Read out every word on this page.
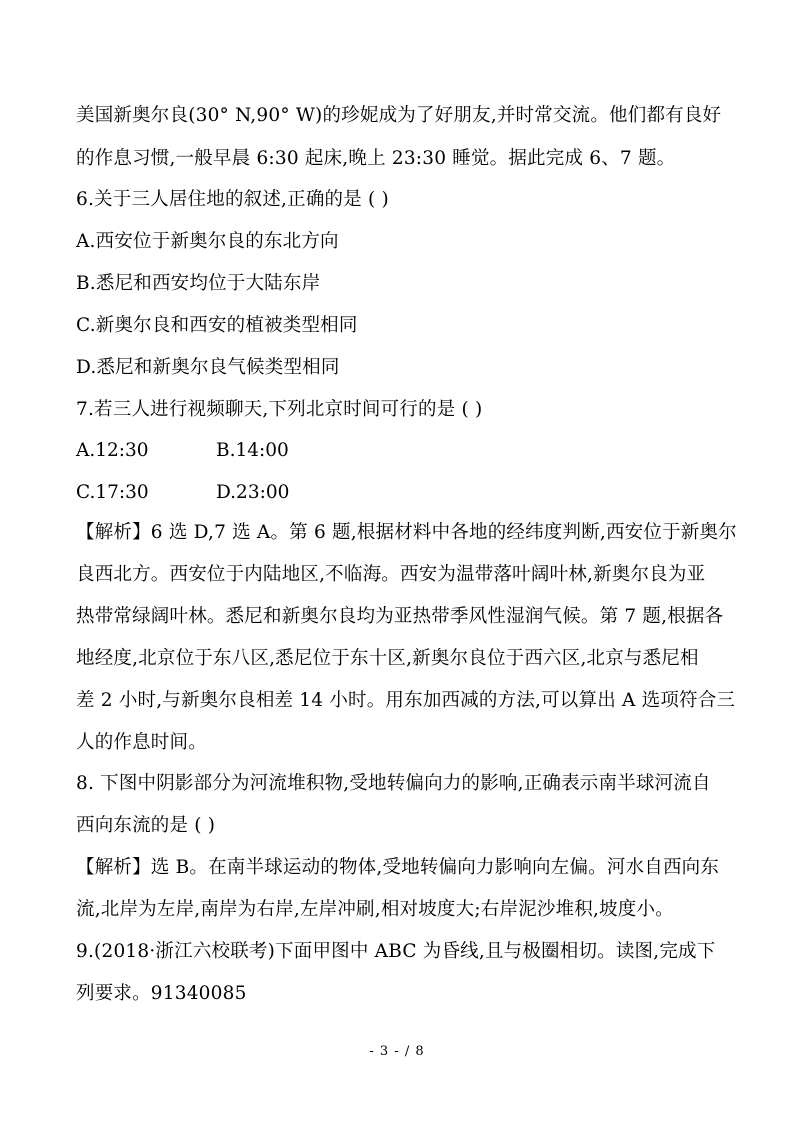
美国新奥尔良(30° N,90° W)的珍妮成为了好朋友,并时常交流。他们都有良好
的作息习惯,一般早晨 6:30 起床,晚上 23:30 睡觉。据此完成 6、7 题。
6.关于三人居住地的叙述,正确的是 ( )
A.西安位于新奥尔良的东北方向
B.悉尼和西安均位于大陆东岸
C.新奥尔良和西安的植被类型相同
D.悉尼和新奥尔良气候类型相同
7.若三人进行视频聊天,下列北京时间可行的是 ( )
A.12:30	B.14:00
C.17:30	D.23:00
【解析】6 选 D,7 选 A。第 6 题,根据材料中各地的经纬度判断,西安位于新奥尔
良西北方。西安位于内陆地区,不临海。西安为温带落叶阔叶林,新奥尔良为亚
热带常绿阔叶林。悉尼和新奥尔良均为亚热带季风性湿润气候。第 7 题,根据各
地经度,北京位于东八区,悉尼位于东十区,新奥尔良位于西六区,北京与悉尼相
差 2 小时,与新奥尔良相差 14 小时。用东加西减的方法,可以算出 A 选项符合三
人的作息时间。
8. 下图中阴影部分为河流堆积物,受地转偏向力的影响,正确表示南半球河流自
西向东流的是 ( )
【解析】选 B。在南半球运动的物体,受地转偏向力影响向左偏。河水自西向东
流,北岸为左岸,南岸为右岸,左岸冲刷,相对坡度大;右岸泥沙堆积,坡度小。
9.(2018·浙江六校联考)下面甲图中 ABC 为昏线,且与极圈相切。读图,完成下
列要求。91340085
- 3 - / 8
